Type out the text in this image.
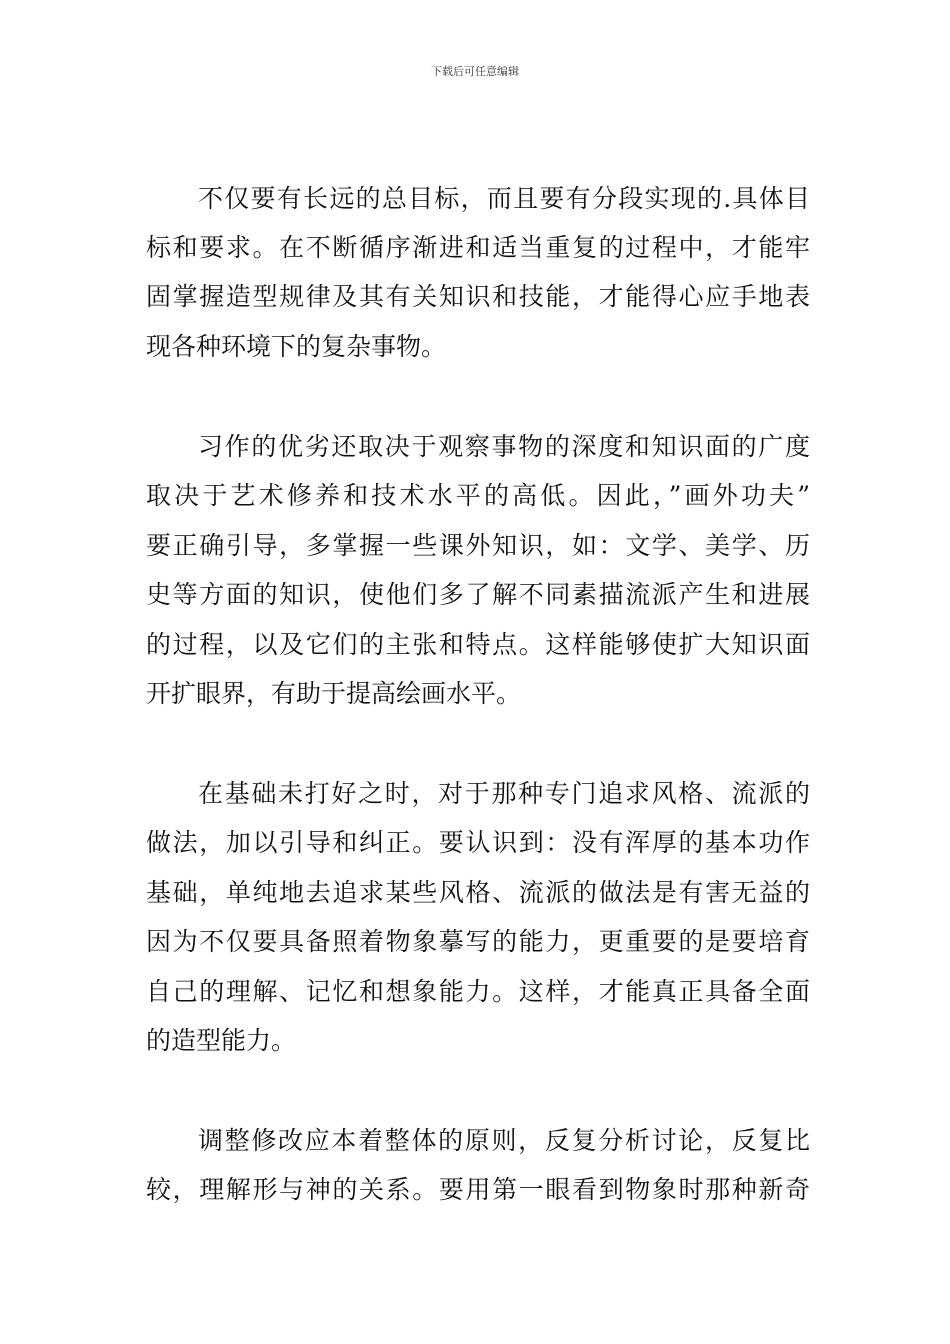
下载后可任意编辑
不仅要有长远的总目标，而且要有分段实现的.具体目
标和要求。在不断循序渐进和适当重复的过程中，才能牢
固掌握造型规律及其有关知识和技能，才能得心应手地表
现各种环境下的复杂事物。
习作的优劣还取决于观察事物的深度和知识面的广度
取决于艺术修养和技术水平的高低。因此，”画外功夫”
要正确引导，多掌握一些课外知识，如：文学、美学、历
史等方面的知识，使他们多了解不同素描流派产生和进展
的过程，以及它们的主张和特点。这样能够使扩大知识面
开扩眼界，有助于提高绘画水平。
在基础未打好之时，对于那种专门追求风格、流派的
做法，加以引导和纠正。要认识到：没有浑厚的基本功作
基础，单纯地去追求某些风格、流派的做法是有害无益的
因为不仅要具备照着物象摹写的能力，更重要的是要培育
自己的理解、记忆和想象能力。这样，才能真正具备全面
的造型能力。
调整修改应本着整体的原则，反复分析讨论，反复比
较，理解形与神的关系。要用第一眼看到物象时那种新奇
